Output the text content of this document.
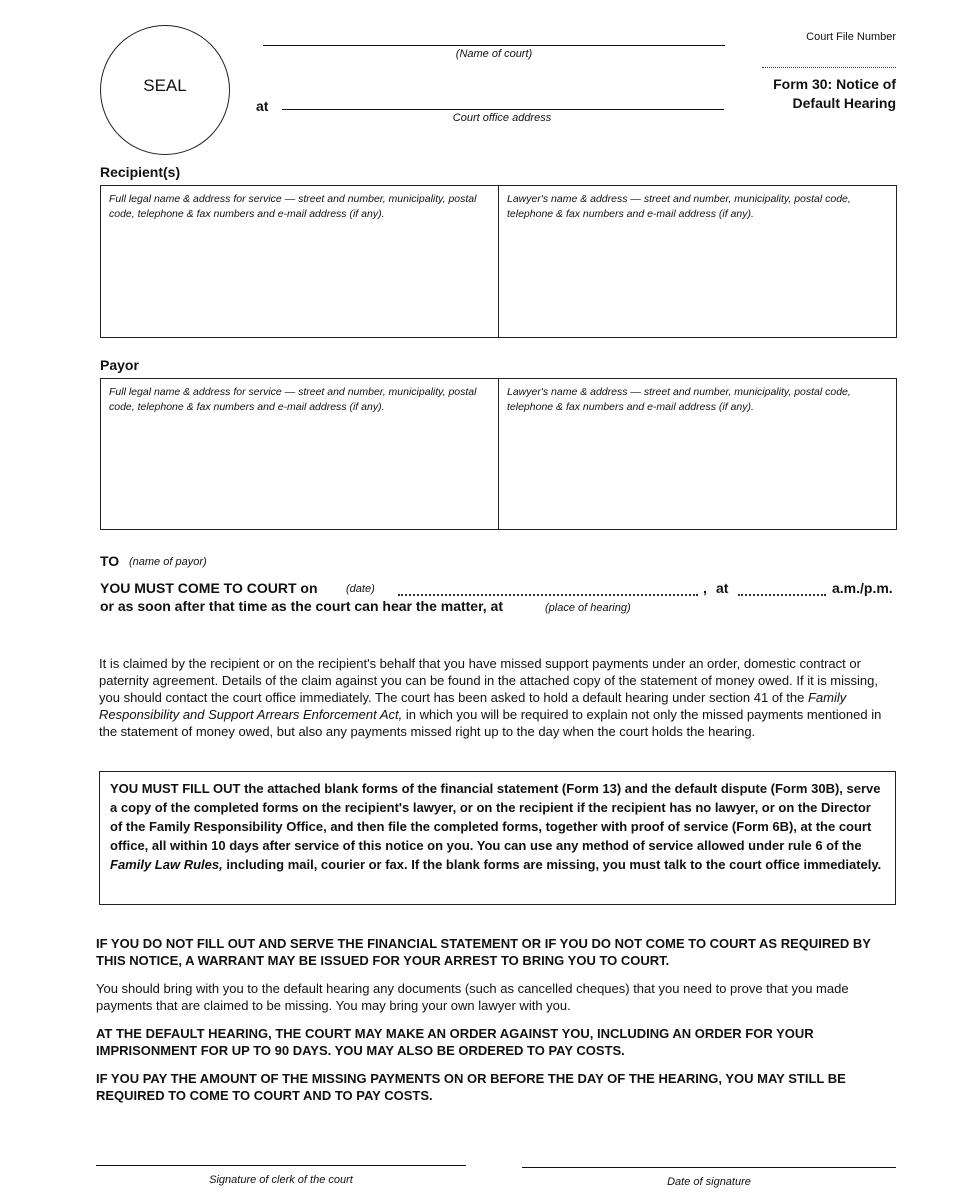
SEAL
(Name of court)
at
Court office address
Court File Number
Form 30: Notice of
Default Hearing
Recipient(s)
Full legal name & address for service — street and number, municipality, postal code, telephone & fax numbers and e-mail address (if any).
Lawyer's name & address — street and number, municipality, postal code, telephone & fax numbers and e-mail address (if any).
Payor
Full legal name & address for service — street and number, municipality, postal code, telephone & fax numbers and e-mail address (if any).
Lawyer's name & address — street and number, municipality, postal code, telephone & fax numbers and e-mail address (if any).
TO (name of payor)
YOU MUST COME TO COURT on	(date)	, at	a.m./p.m.
or as soon after that time as the court can hear the matter, at	(place of hearing)
It is claimed by the recipient or on the recipient's behalf that you have missed support payments under an order, domestic contract or paternity agreement. Details of the claim against you can be found in the attached copy of the statement of money owed. If it is missing, you should contact the court office immediately. The court has been asked to hold a default hearing under section 41 of the Family Responsibility and Support Arrears Enforcement Act, in which you will be required to explain not only the missed payments mentioned in the statement of money owed, but also any payments missed right up to the day when the court holds the hearing.
YOU MUST FILL OUT the attached blank forms of the financial statement (Form 13) and the default dispute (Form 30B), serve a copy of the completed forms on the recipient's lawyer, or on the recipient if the recipient has no lawyer, or on the Director of the Family Responsibility Office, and then file the completed forms, together with proof of service (Form 6B), at the court office, all within 10 days after service of this notice on you. You can use any method of service allowed under rule 6 of the Family Law Rules, including mail, courier or fax. If the blank forms are missing, you must talk to the court office immediately.
IF YOU DO NOT FILL OUT AND SERVE THE FINANCIAL STATEMENT OR IF YOU DO NOT COME TO COURT AS REQUIRED BY THIS NOTICE, A WARRANT MAY BE ISSUED FOR YOUR ARREST TO BRING YOU TO COURT.
You should bring with you to the default hearing any documents (such as cancelled cheques) that you need to prove that you made payments that are claimed to be missing. You may bring your own lawyer with you.
AT THE DEFAULT HEARING, THE COURT MAY MAKE AN ORDER AGAINST YOU, INCLUDING AN ORDER FOR YOUR IMPRISONMENT FOR UP TO 90 DAYS. YOU MAY ALSO BE ORDERED TO PAY COSTS.
IF YOU PAY THE AMOUNT OF THE MISSING PAYMENTS ON OR BEFORE THE DAY OF THE HEARING, YOU MAY STILL BE REQUIRED TO COME TO COURT AND TO PAY COSTS.
Signature of clerk of the court	Date of signature
